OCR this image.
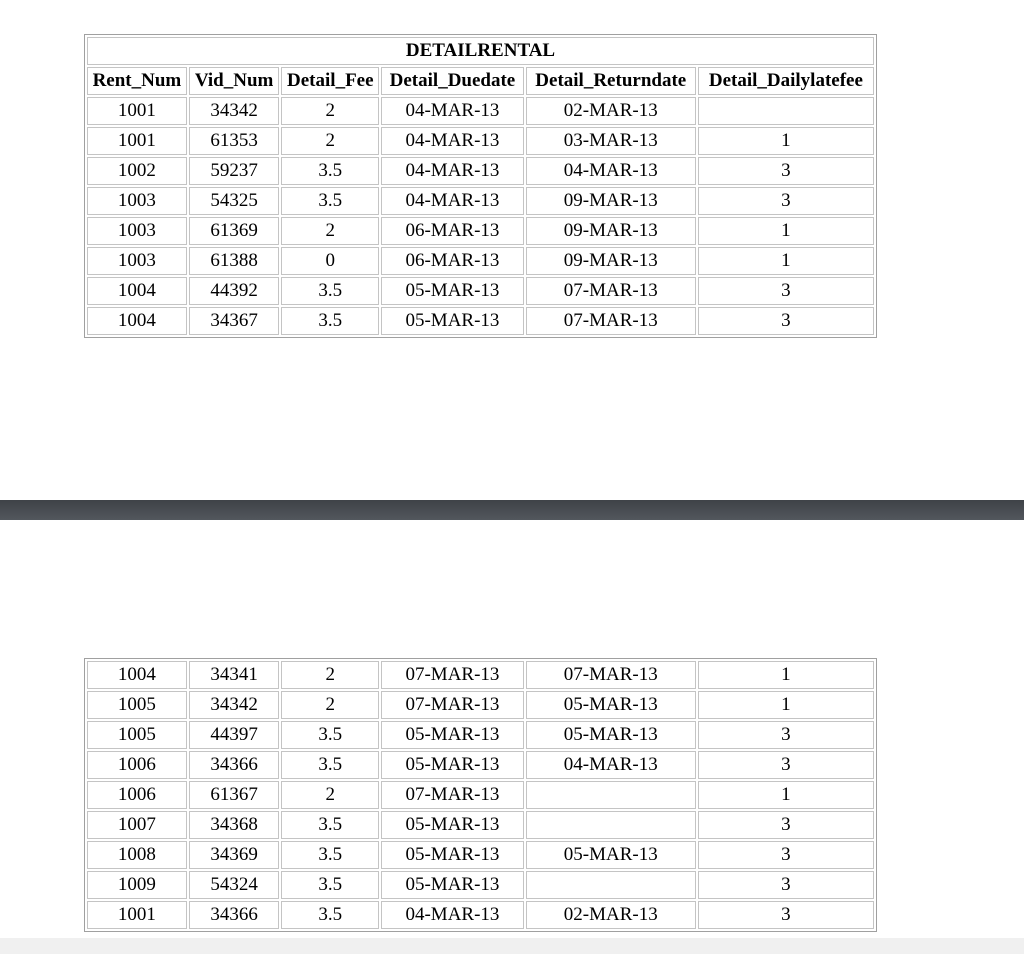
DETAILRENTAL					
Rent_Num	Vid_Num	Detail_Fee	Detail_Duedate	Detail_Returndate	Detail_Dailylatefee
1001	34342	2	04-MAR-13	02-MAR-13	
1001	61353	2	04-MAR-13	03-MAR-13	1
1002	59237	3.5	04-MAR-13	04-MAR-13	3
1003	54325	3.5	04-MAR-13	09-MAR-13	3
1003	61369	2	06-MAR-13	09-MAR-13	1
1003	61388	0	06-MAR-13	09-MAR-13	1
1004	44392	3.5	05-MAR-13	07-MAR-13	3
1004	34367	3.5	05-MAR-13	07-MAR-13	3
1004	34341	2	07-MAR-13	07-MAR-13	1
1005	34342	2	07-MAR-13	05-MAR-13	1
1005	44397	3.5	05-MAR-13	05-MAR-13	3
1006	34366	3.5	05-MAR-13	04-MAR-13	3
1006	61367	2	07-MAR-13		1
1007	34368	3.5	05-MAR-13		3
1008	34369	3.5	05-MAR-13	05-MAR-13	3
1009	54324	3.5	05-MAR-13		3
1001	34366	3.5	04-MAR-13	02-MAR-13	3
